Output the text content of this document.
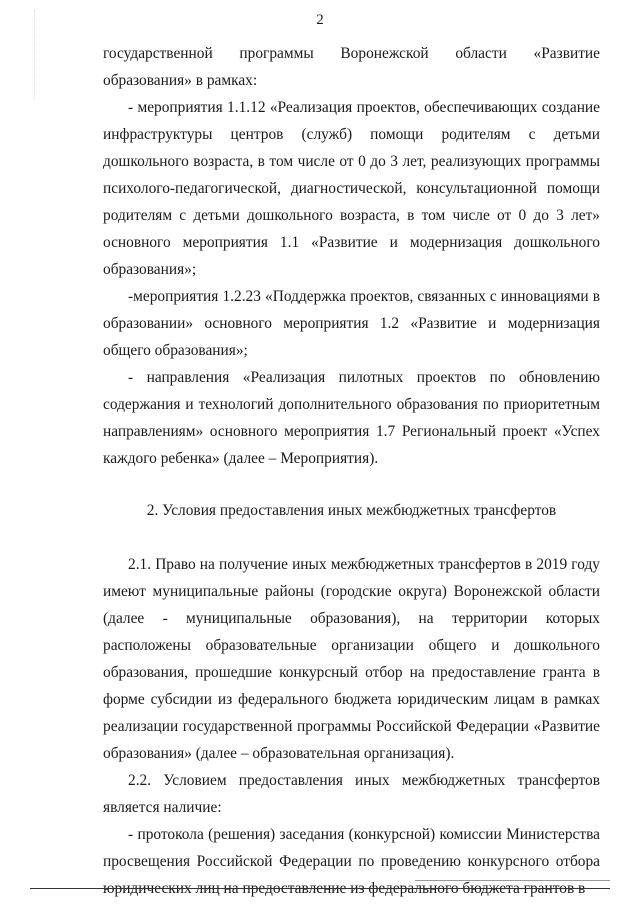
2

государственной программы Воронежской области «Развитие образования» в рамках:

- мероприятия 1.1.12 «Реализация проектов, обеспечивающих создание инфраструктуры центров (служб) помощи родителям с детьми дошкольного возраста, в том числе от 0 до 3 лет, реализующих программы психолого-педагогической, диагностической, консультационной помощи родителям с детьми дошкольного возраста, в том числе от 0 до 3 лет» основного мероприятия 1.1 «Развитие и модернизация дошкольного образования»;

-мероприятия 1.2.23 «Поддержка проектов, связанных с инновациями в образовании» основного мероприятия 1.2 «Развитие и модернизация общего образования»;

- направления «Реализация пилотных проектов по обновлению содержания и технологий дополнительного образования по приоритетным направлениям» основного мероприятия 1.7 Региональный проект «Успех каждого ребенка» (далее – Мероприятия).

2. Условия предоставления иных межбюджетных трансфертов

2.1. Право на получение иных межбюджетных трансфертов в 2019 году имеют муниципальные районы (городские округа) Воронежской области (далее - муниципальные образования), на территории которых расположены образовательные организации общего и дошкольного образования, прошедшие конкурсный отбор на предоставление гранта в форме субсидии из федерального бюджета юридическим лицам в рамках реализации государственной программы Российской Федерации «Развитие образования» (далее – образовательная организация).

2.2. Условием предоставления иных межбюджетных трансфертов является наличие:

- протокола (решения) заседания (конкурсной) комиссии Министерства просвещения Российской Федерации по проведению конкурсного отбора юридических лиц на предоставление из федерального бюджета грантов в
